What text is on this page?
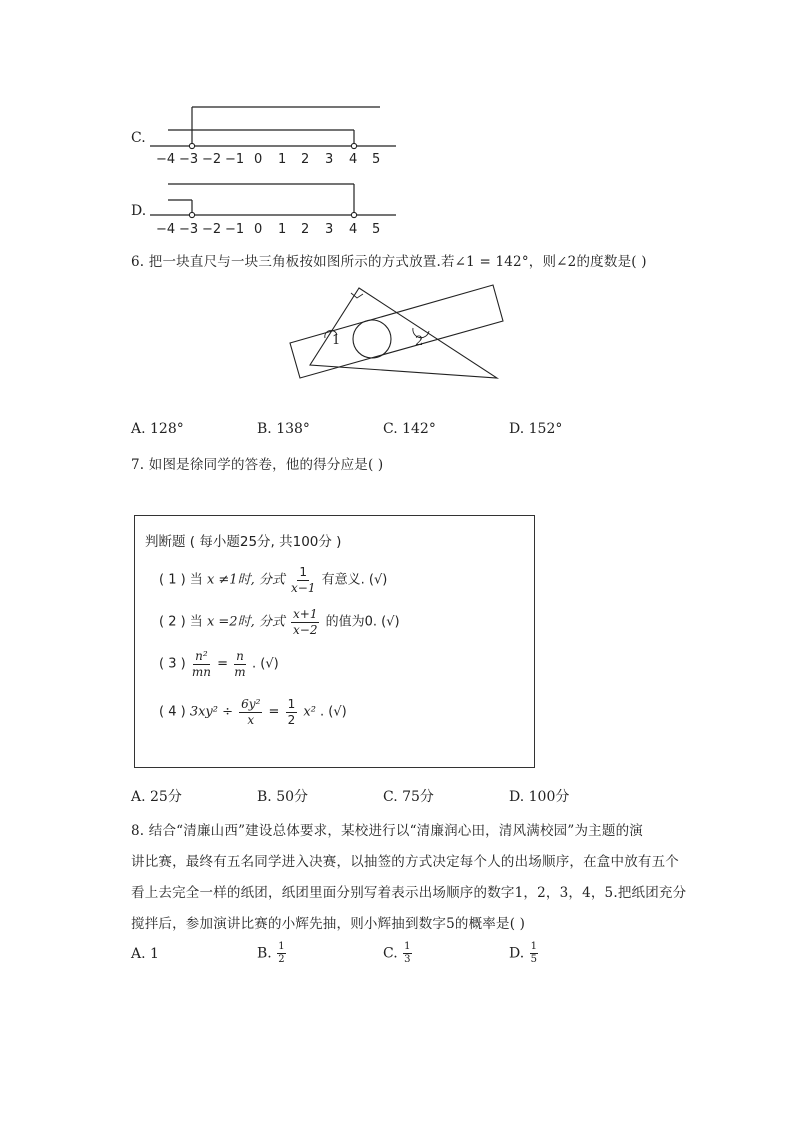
C.
−4 −3 −2 −1 0 1 2 3 4 5
D.
−4 −3 −2 −1 0 1 2 3 4 5
6. 把一块直尺与一块三角板按如图所示的方式放置.若∠1 = 142°，则∠2的度数是( )
1	2
A. 128°	B. 138°	C. 142°	D. 152°
7. 如图是徐同学的答卷，他的得分应是( )
判断题 ( 每小题25分, 共100分 )
( 1 ) 当 x ≠1时, 分式 $\frac{1}{x-1}$ 有意义. (√)
( 2 ) 当 x =2时, 分式 $\frac{x+1}{x-2}$ 的值为0. (√)
( 3 ) $\frac{\text{n²}}{mn} = \frac{n}{m}$ . (√)
( 4 ) $3xy^2 \div \frac{\text{6y²}}{x} = \frac{1}{2} x^2$ . (√)
A. 25分	B. 50分	C. 75分	D. 100分
8. 结合“清廉山西”建设总体要求，某校进行以“清廉润心田，清风满校园”为主题的演
讲比赛，最终有五名同学进入决赛，以抽签的方式决定每个人的出场顺序，在盒中放有五个
看上去完全一样的纸团，纸团里面分别写着表示出场顺序的数字1，2，3，4，5.把纸团充分
搅拌后，参加演讲比赛的小辉先抽，则小辉抽到数字5的概率是( )
A. 1	B. $\frac{1}{2}$	C. $\frac{1}{3}$	D. $\frac{1}{5}$
